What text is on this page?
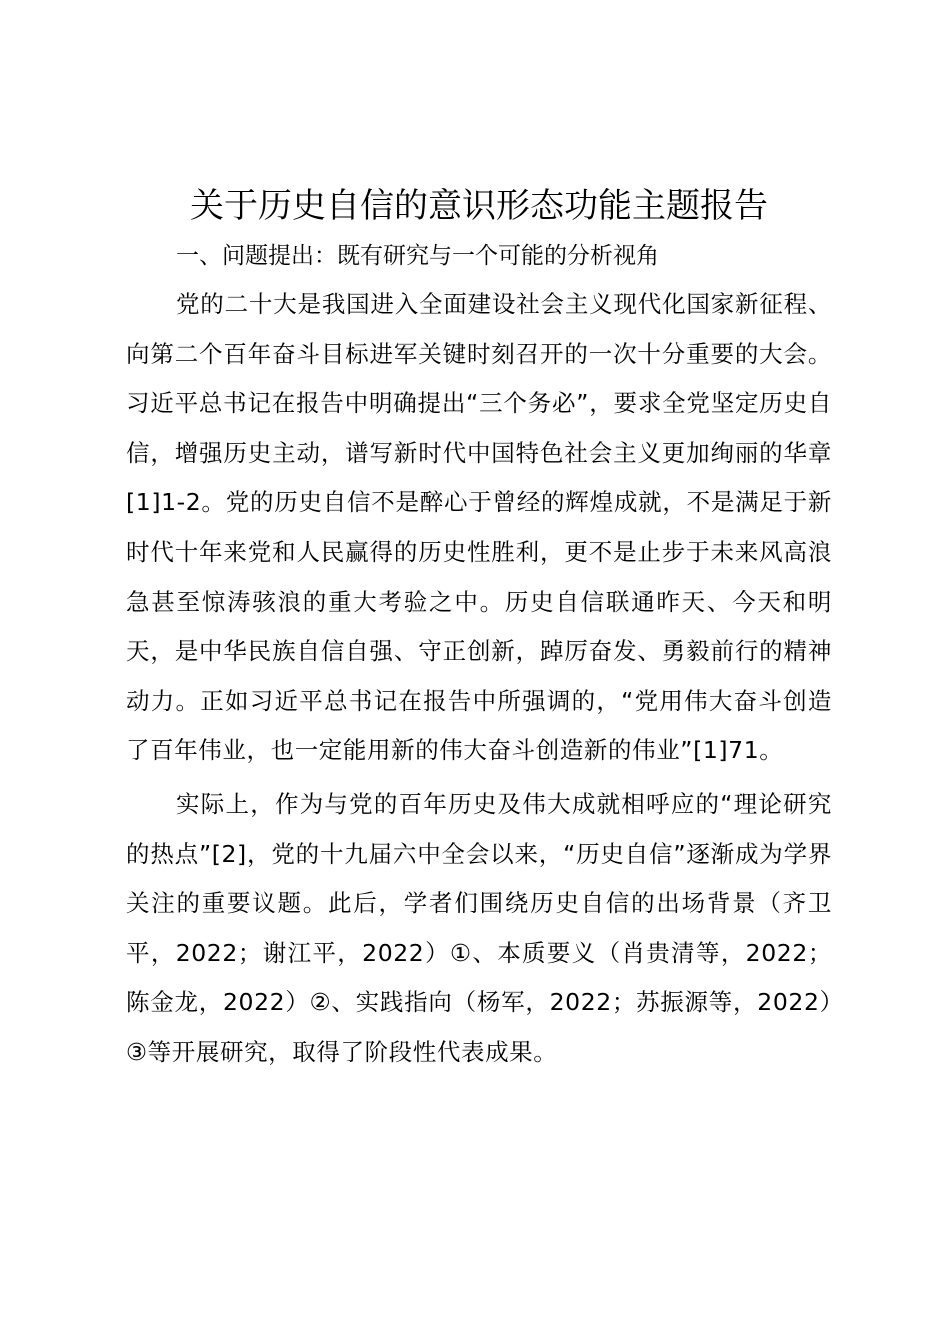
关于历史自信的意识形态功能主题报告
一、问题提出：既有研究与一个可能的分析视角

党的二十大是我国进入全面建设社会主义现代化国家新征程、向第二个百年奋斗目标进军关键时刻召开的一次十分重要的大会。习近平总书记在报告中明确提出“三个务必”，要求全党坚定历史自信，增强历史主动，谱写新时代中国特色社会主义更加绚丽的华章[1]1-2。党的历史自信不是醉心于曾经的辉煌成就，不是满足于新时代十年来党和人民赢得的历史性胜利，更不是止步于未来风高浪急甚至惊涛骇浪的重大考验之中。历史自信联通昨天、今天和明天，是中华民族自信自强、守正创新，踔厉奋发、勇毅前行的精神动力。正如习近平总书记在报告中所强调的，“党用伟大奋斗创造了百年伟业，也一定能用新的伟大奋斗创造新的伟业”[1]71。

实际上，作为与党的百年历史及伟大成就相呼应的“理论研究的热点”[2]，党的十九届六中全会以来，“历史自信”逐渐成为学界关注的重要议题。此后，学者们围绕历史自信的出场背景（齐卫平，2022；谢江平，2022）①、本质要义（肖贵清等，2022；陈金龙，2022）②、实践指向（杨军，2022；苏振源等，2022）③等开展研究，取得了阶段性代表成果。
